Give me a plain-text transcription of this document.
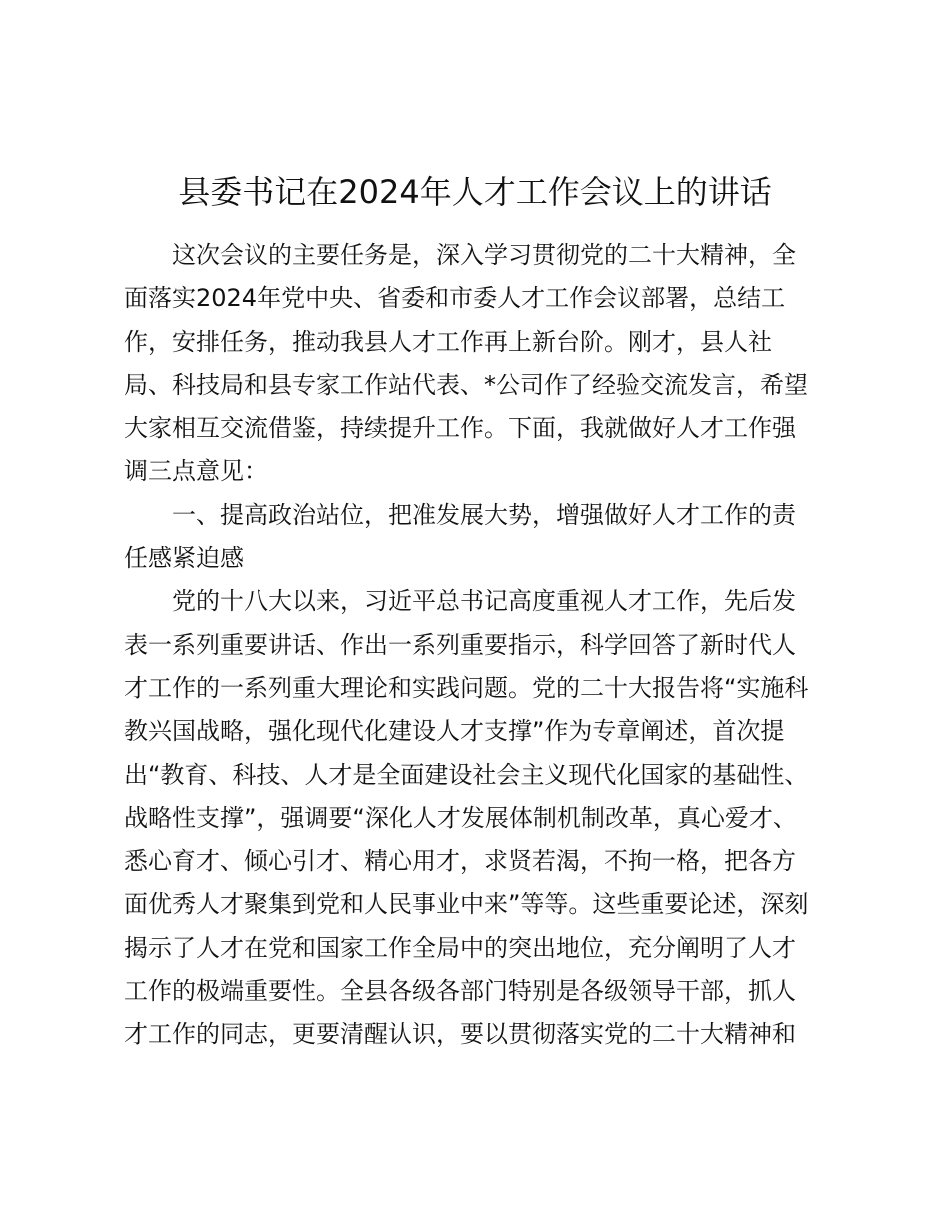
县委书记在2024年人才工作会议上的讲话

这次会议的主要任务是，深入学习贯彻党的二十大精神，全

面落实2024年党中央、省委和市委人才工作会议部署，总结工

作，安排任务，推动我县人才工作再上新台阶。刚才，县人社

局、科技局和县专家工作站代表、*公司作了经验交流发言，希望

大家相互交流借鉴，持续提升工作。下面，我就做好人才工作强

调三点意见：

一、提高政治站位，把准发展大势，增强做好人才工作的责

任感紧迫感

党的十八大以来，习近平总书记高度重视人才工作，先后发

表一系列重要讲话、作出一系列重要指示，科学回答了新时代人

才工作的一系列重大理论和实践问题。党的二十大报告将“实施科

教兴国战略，强化现代化建设人才支撑”作为专章阐述，首次提

出“教育、科技、人才是全面建设社会主义现代化国家的基础性、

战略性支撑”，强调要“深化人才发展体制机制改革，真心爱才、

悉心育才、倾心引才、精心用才，求贤若渴，不拘一格，把各方

面优秀人才聚集到党和人民事业中来”等等。这些重要论述，深刻

揭示了人才在党和国家工作全局中的突出地位，充分阐明了人才

工作的极端重要性。全县各级各部门特别是各级领导干部，抓人

才工作的同志，更要清醒认识，要以贯彻落实党的二十大精神和
